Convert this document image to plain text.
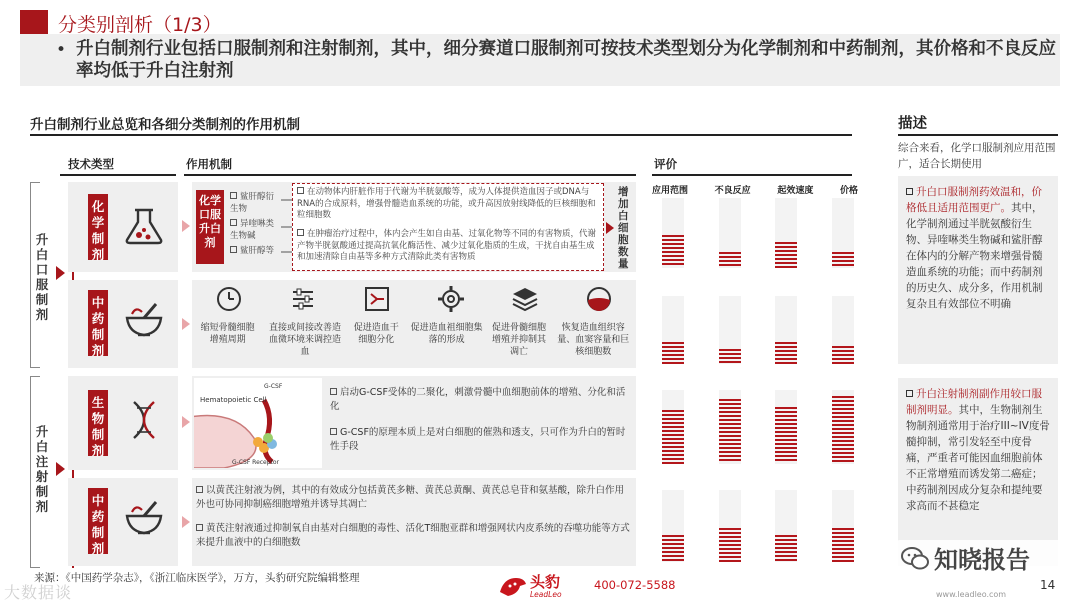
分类别剖析（1/3）
• 升白制剂行业包括口服制剂和注射制剂，其中，细分赛道口服制剂可按技术类型划分为化学制剂和中药制剂，其价格和不良反应率均低于升白注射剂
升白制剂行业总览和各细分类制剂的作用机制	描述
技术类型	作用机制	评价
应用范围	不良反应	起效速度	价格
升白口服制剂
升白注射制剂
化学制剂
中药制剂
生物制剂
中药制剂
化学口服升白剂
鲨肝醇衍生物
异喹啉类生物碱
鲨肝醇等
在动物体内肝脏作用于代谢为半胱氨酸等，成为人体提供造血因子或DNA与RNA的合成原料，增强骨髓造血系统的功能，或升高因放射线降低的巨核细胞和粒细胞数
在肿瘤治疗过程中，体内会产生如自由基、过氧化物等不同的有害物质，代谢产物半胱氨酸通过提高抗氧化酶活性、减少过氧化脂质的生成，干扰自由基生成和加速清除自由基等多种方式清除此类有害物质
增加白细胞数量
缩短骨髓细胞增殖周期
直接或间接改善造血微环境来调控造血
促进造血干细胞分化
促进造血祖细胞集落的形成
促进骨髓细胞增殖并抑制其凋亡
恢复造血组织容量、血窦容量和巨核细胞数
Hematopoietic Cell
G-CSF
G-CSF Receptor
启动G-CSF受体的二聚化，刺激骨髓中血细胞前体的增殖、分化和活化
G-CSF的原理本质上是对白细胞的催熟和透支，只可作为升白的暂时性手段
以黄芪注射液为例，其中的有效成分包括黄芪多糖、黄芪总黄酮、黄芪总皂苷和氨基酸，除升白作用外也可协同抑制癌细胞增殖并诱导其凋亡
黄芪注射液通过抑制氧自由基对白细胞的毒性、活化T细胞亚群和增强网状内皮系统的吞噬功能等方式来提升血液中的白细胞数
综合来看，化学口服制剂应用范围广，适合长期使用
升白口服制剂药效温和，价格低且适用范围更广。其中，化学制剂通过半胱氨酸衍生物、异喹啉类生物碱和鲨肝醇在体内的分解产物来增强骨髓造血系统的功能；而中药制剂的历史久、成分多，作用机制复杂且有效部位不明确
升白注射制剂副作用较口服制剂明显。其中，生物制剂生物制剂通常用于治疗III~IV度骨髓抑制，常引发轻至中度骨痛，严重者可能因血细胞前体不正常增殖而诱发第二癌症；中药制剂因成分复杂和提纯要求高而不甚稳定
来源：《中国药学杂志》，《浙江临床医学》，万方，头豹研究院编辑整理
大数据谈
头豹
LeadLeo
400-072-5588	14
www.leadleo.com
知晓报告
